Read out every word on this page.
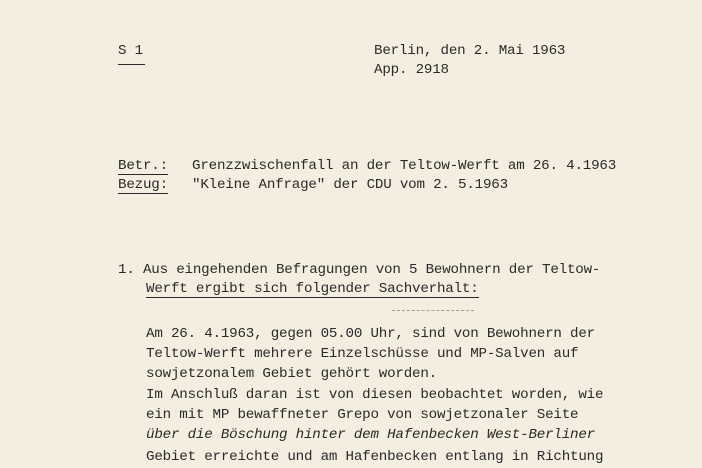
S 1	Berlin, den 2. Mai 1963
App. 2918
Betr.: Grenzzwischenfall an der Teltow-Werft am 26. 4.1963
Bezug: "Kleine Anfrage" der CDU vom 2. 5.1963
1. Aus eingehenden Befragungen von 5 Bewohnern der Teltow-
Werft ergibt sich folgender Sachverhalt:
Am 26. 4.1963, gegen 05.00 Uhr, sind von Bewohnern der
Teltow-Werft mehrere Einzelschüsse und MP-Salven auf
sowjetzonalem Gebiet gehört worden.
Im Anschluß daran ist von diesen beobachtet worden, wie
ein mit MP bewaffneter Grepo von sowjetzonaler Seite
über die Böschung hinter dem Hafenbecken West-Berliner
Gebiet erreichte und am Hafenbecken entlang in Richtung
